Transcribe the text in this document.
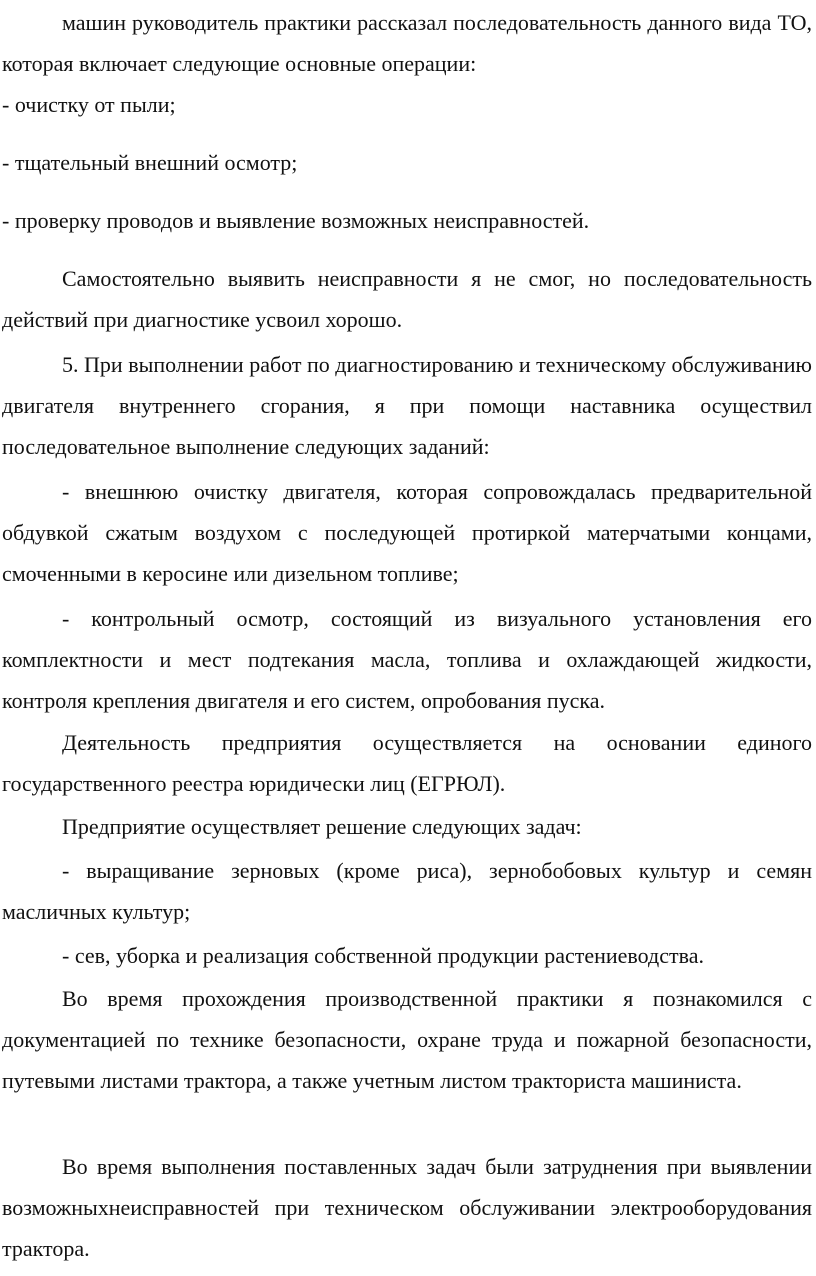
машин руководитель практики рассказал последовательность данного вида ТО, которая включает следующие основные операции:

- очистку от пыли;

- тщательный внешний осмотр;

- проверку проводов и выявление возможных неисправностей.

Самостоятельно выявить неисправности я не смог, но последовательность действий при диагностике усвоил хорошо.

5. При выполнении работ по диагностированию и техническому обслуживанию двигателя внутреннего сгорания, я при помощи наставника осуществил последовательное выполнение следующих заданий:

- внешнюю очистку двигателя, которая сопровождалась предварительной обдувкой сжатым воздухом с последующей протиркой матерчатыми концами, смоченными в керосине или дизельном топливе;

- контрольный осмотр, состоящий из визуального установления его комплектности и мест подтекания масла, топлива и охлаждающей жидкости, контроля крепления двигателя и его систем, опробования пуска.

Деятельность предприятия осуществляется на основании единого государственного реестра юридически лиц (ЕГРЮЛ).

Предприятие осуществляет решение следующих задач:

- выращивание зерновых (кроме риса), зернобобовых культур и семян масличных культур;

- сев, уборка и реализация собственной продукции растениеводства.

Во время прохождения производственной практики я познакомился с документацией по технике безопасности, охране труда и пожарной безопасности, путевыми листами трактора, а также учетным листом тракториста машиниста.

Во время выполнения поставленных задач были затруднения при выявлении возможныхнеисправностей при техническом обслуживании электрооборудования трактора.
